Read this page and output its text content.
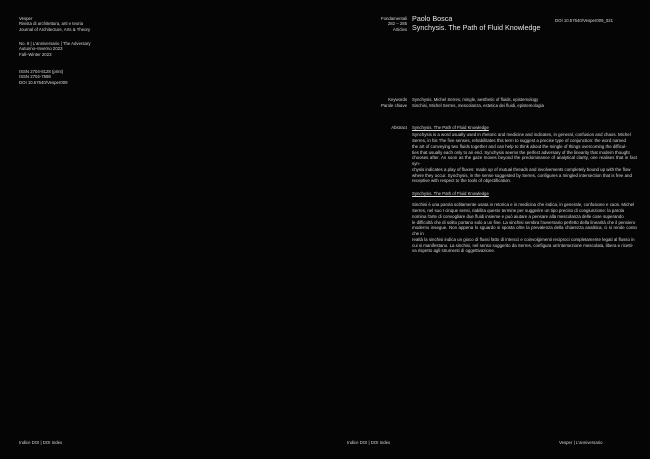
Vesper
Rivista di architettura, arti e teoria
Journal of Architecture, Arts & Theory
No. 9 | L'anniversario | The Adversary
Autunno–Inverno 2023
Fall–Winter 2023
ISSN 2704-8128 (print)
ISSN 2704-7598
DOI 10.57640/Vesper009
Indice DOI | DOI Index
Fondamentali
282 – 285
Articles
Paolo Bosca
Synchysis. The Path of Fluid Knowledge
DOI 10.57640/Vesper009_021
Keywords Synchysis, Michel Serres, mingle, aesthetic of fluids, epistemology
Parole chiave Sinchisi, Michel Serres, mescolanza, estetica dei fluidi, epistemologia
Abstract Synchysis. The Path of Fluid Knowledge
Synchysis is a word usually used in rhetoric and medicine and indicates, in general, confusion and chaos. Michel
Serres, in his The five senses, rehabilitates this term to suggest a precise type of conjunction: the word named
the art of conveying two fluids together and can help to think about the mingle of things overcoming the difficul-
ties that usually each only to an end. Synchysis seems the perfect adversary of the linearity that modern thought
chooses after. As soon as the gaze moves beyond the predominance of analytical clarity, one realises that in fact syn-
chysis indicates a play of fluxes: made up of mutual threads and involvements completely bound up with the flow
where they occur. Synchysis, in the sense suggested by Serres, configures a mingled intersection that is free and
receptive with respect to the tools of objectification.
Synchysis. The Path of Fluid Knowledge
Sinchisi è una parola solitamente usata in retorica e in medicina che indica, in generale, confusione e caos. Michel
Serres, nel suo I cinque sensi, riabilita questo termine per suggerire un tipo preciso di congiunzione: la parola
nomina l'arte di convogliare due fluidi insieme e può aiutare a pensare alla mescolanza delle cose superando
le difficoltà che di solito portano solo a un fine. La sinchisi sembra l'avversario perfetto della linearità che il pensiero
moderno insegue. Non appena lo sguardo si sposta oltre la prevalenza della chiarezza analitica, ci si rende conto che in
realtà la sinchisi indica un gioco di flussi fatto di intrecci e coinvolgimenti reciproci completamente legati al flusso in
cui si manifestano. La sinchisi, nel senso suggerito da Serres, configura un'intersezione mescolata, libera e ricetti-
va rispetto agli strumenti di oggettivazione.
Indice DOI | DOI Index	Vesper | L'anniversario
